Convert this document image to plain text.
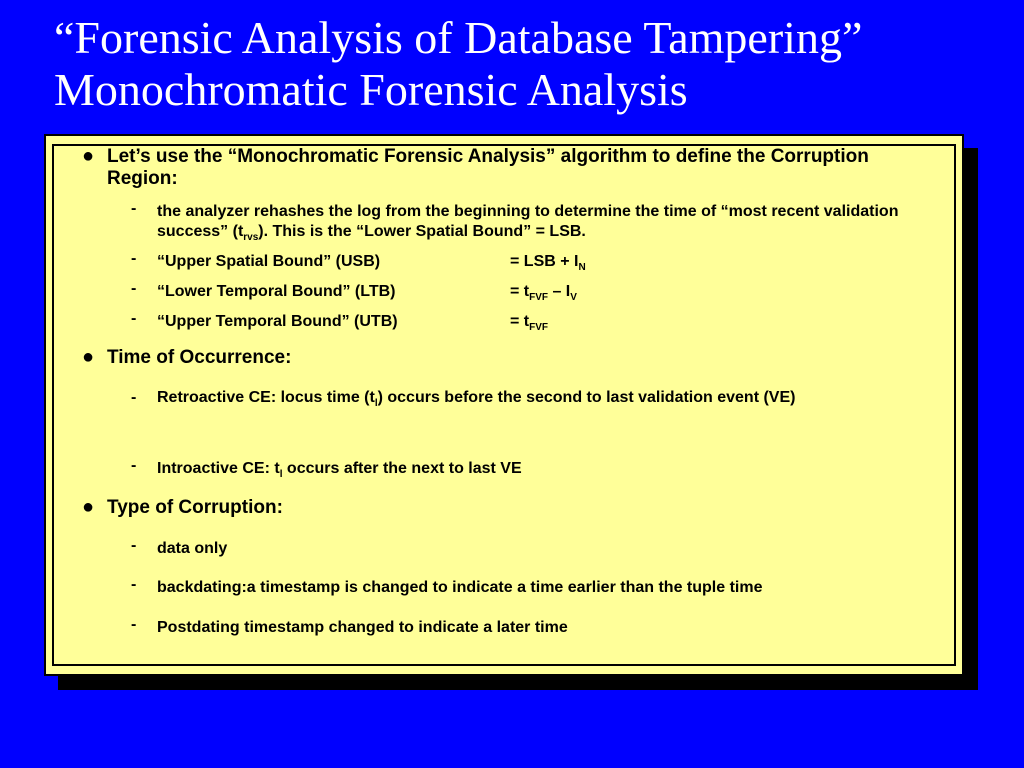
“Forensic Analysis of Database Tampering”
Monochromatic Forensic Analysis
● Let’s use the “Monochromatic Forensic Analysis” algorithm to define the Corruption Region:
- the analyzer rehashes the log from the beginning to determine the time of “most recent validation success” $(t_{rvs})$. This is the “Lower Spatial Bound” = LSB.
- “Upper Spatial Bound” (USB)	= LSB + $I_N$
- “Lower Temporal Bound” (LTB)	= $t_{FVF} - I_V$
- “Upper Temporal Bound” (UTB)	= $t_{FVF}$
● Time of Occurrence:
- Retroactive CE: locus time $(t_l)$ occurs before the second to last validation event (VE)
- Introactive CE: $t_l$ occurs after the next to last VE
● Type of Corruption:
- data only
- backdating:a timestamp is changed to indicate a time earlier than the tuple time
- Postdating timestamp changed to indicate a later time
